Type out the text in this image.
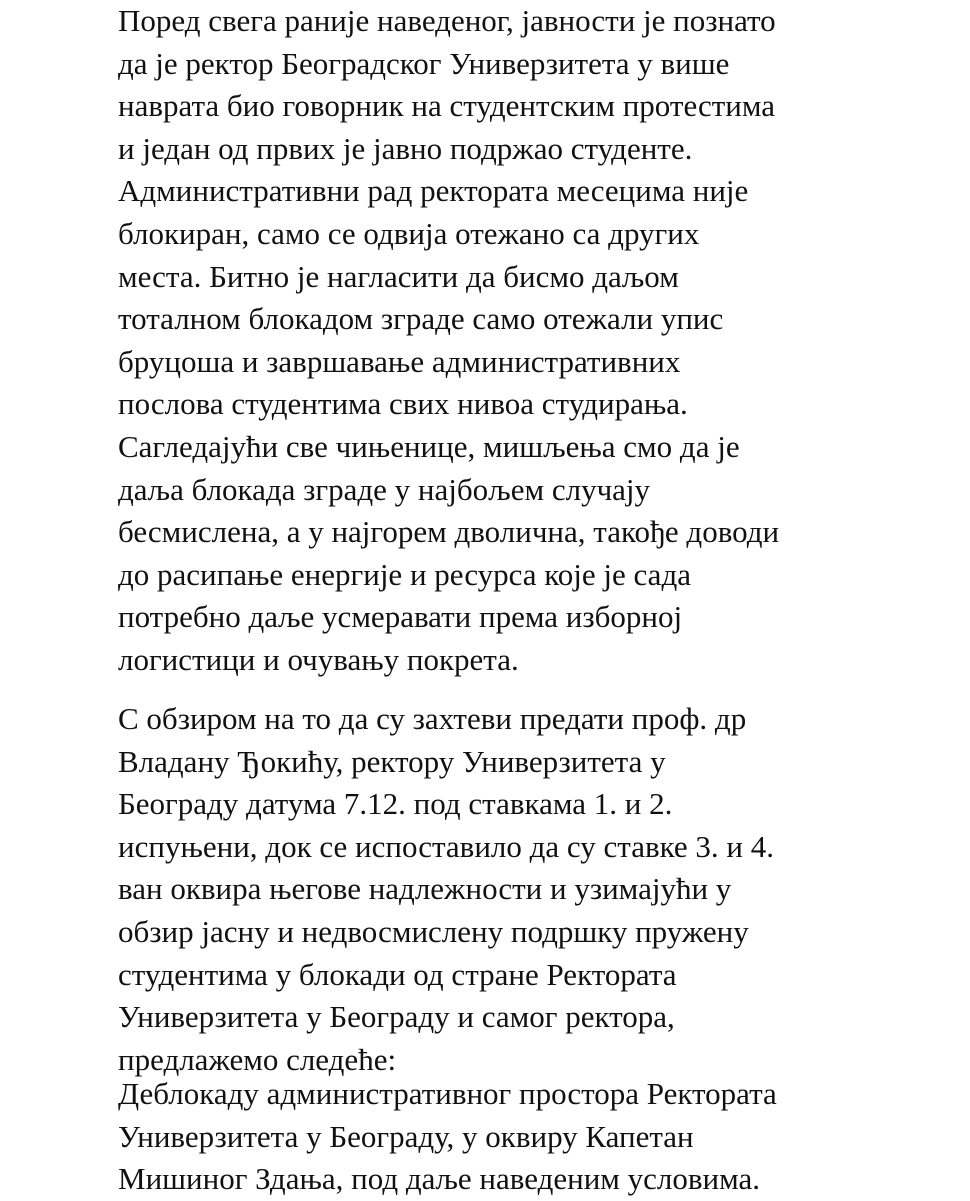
Поред свега раније наведеног, јавности је познато
да је ректор Београдског Универзитета у више
наврата био говорник на студентским протестима
и један од првих је јавно подржао студенте.
Административни рад ректората месецима није
блокиран, само се одвија отежано са других
места. Битно је нагласити да бисмо даљом
тоталном блокадом зграде само отежали упис
бруцоша и завршавање административних
послова студентима свих нивоа студирања.
Сагледајући све чињенице, мишљења смо да је
даља блокада зграде у најбољем случају
бесмислена, а у најгорем дволична, такође доводи
до расипање енергије и ресурса које је сада
потребно даље усмеравати према изборној
логистици и очувању покрета.
С обзиром на то да су захтеви предати проф. др
Владану Ђокићу, ректору Универзитета у
Београду датума 7.12. под ставкама 1. и 2.
испуњени, док се испоставило да су ставке 3. и 4.
ван оквира његове надлежности и узимајући у
обзир јасну и недвосмислену подршку пружену
студентима у блокади од стране Ректората
Универзитета у Београду и самог ректора,
предлажемо следеће:
Деблокаду административног простора Ректората
Универзитета у Београду, у оквиру Капетан
Мишиног Здања, под даље наведеним условима.
